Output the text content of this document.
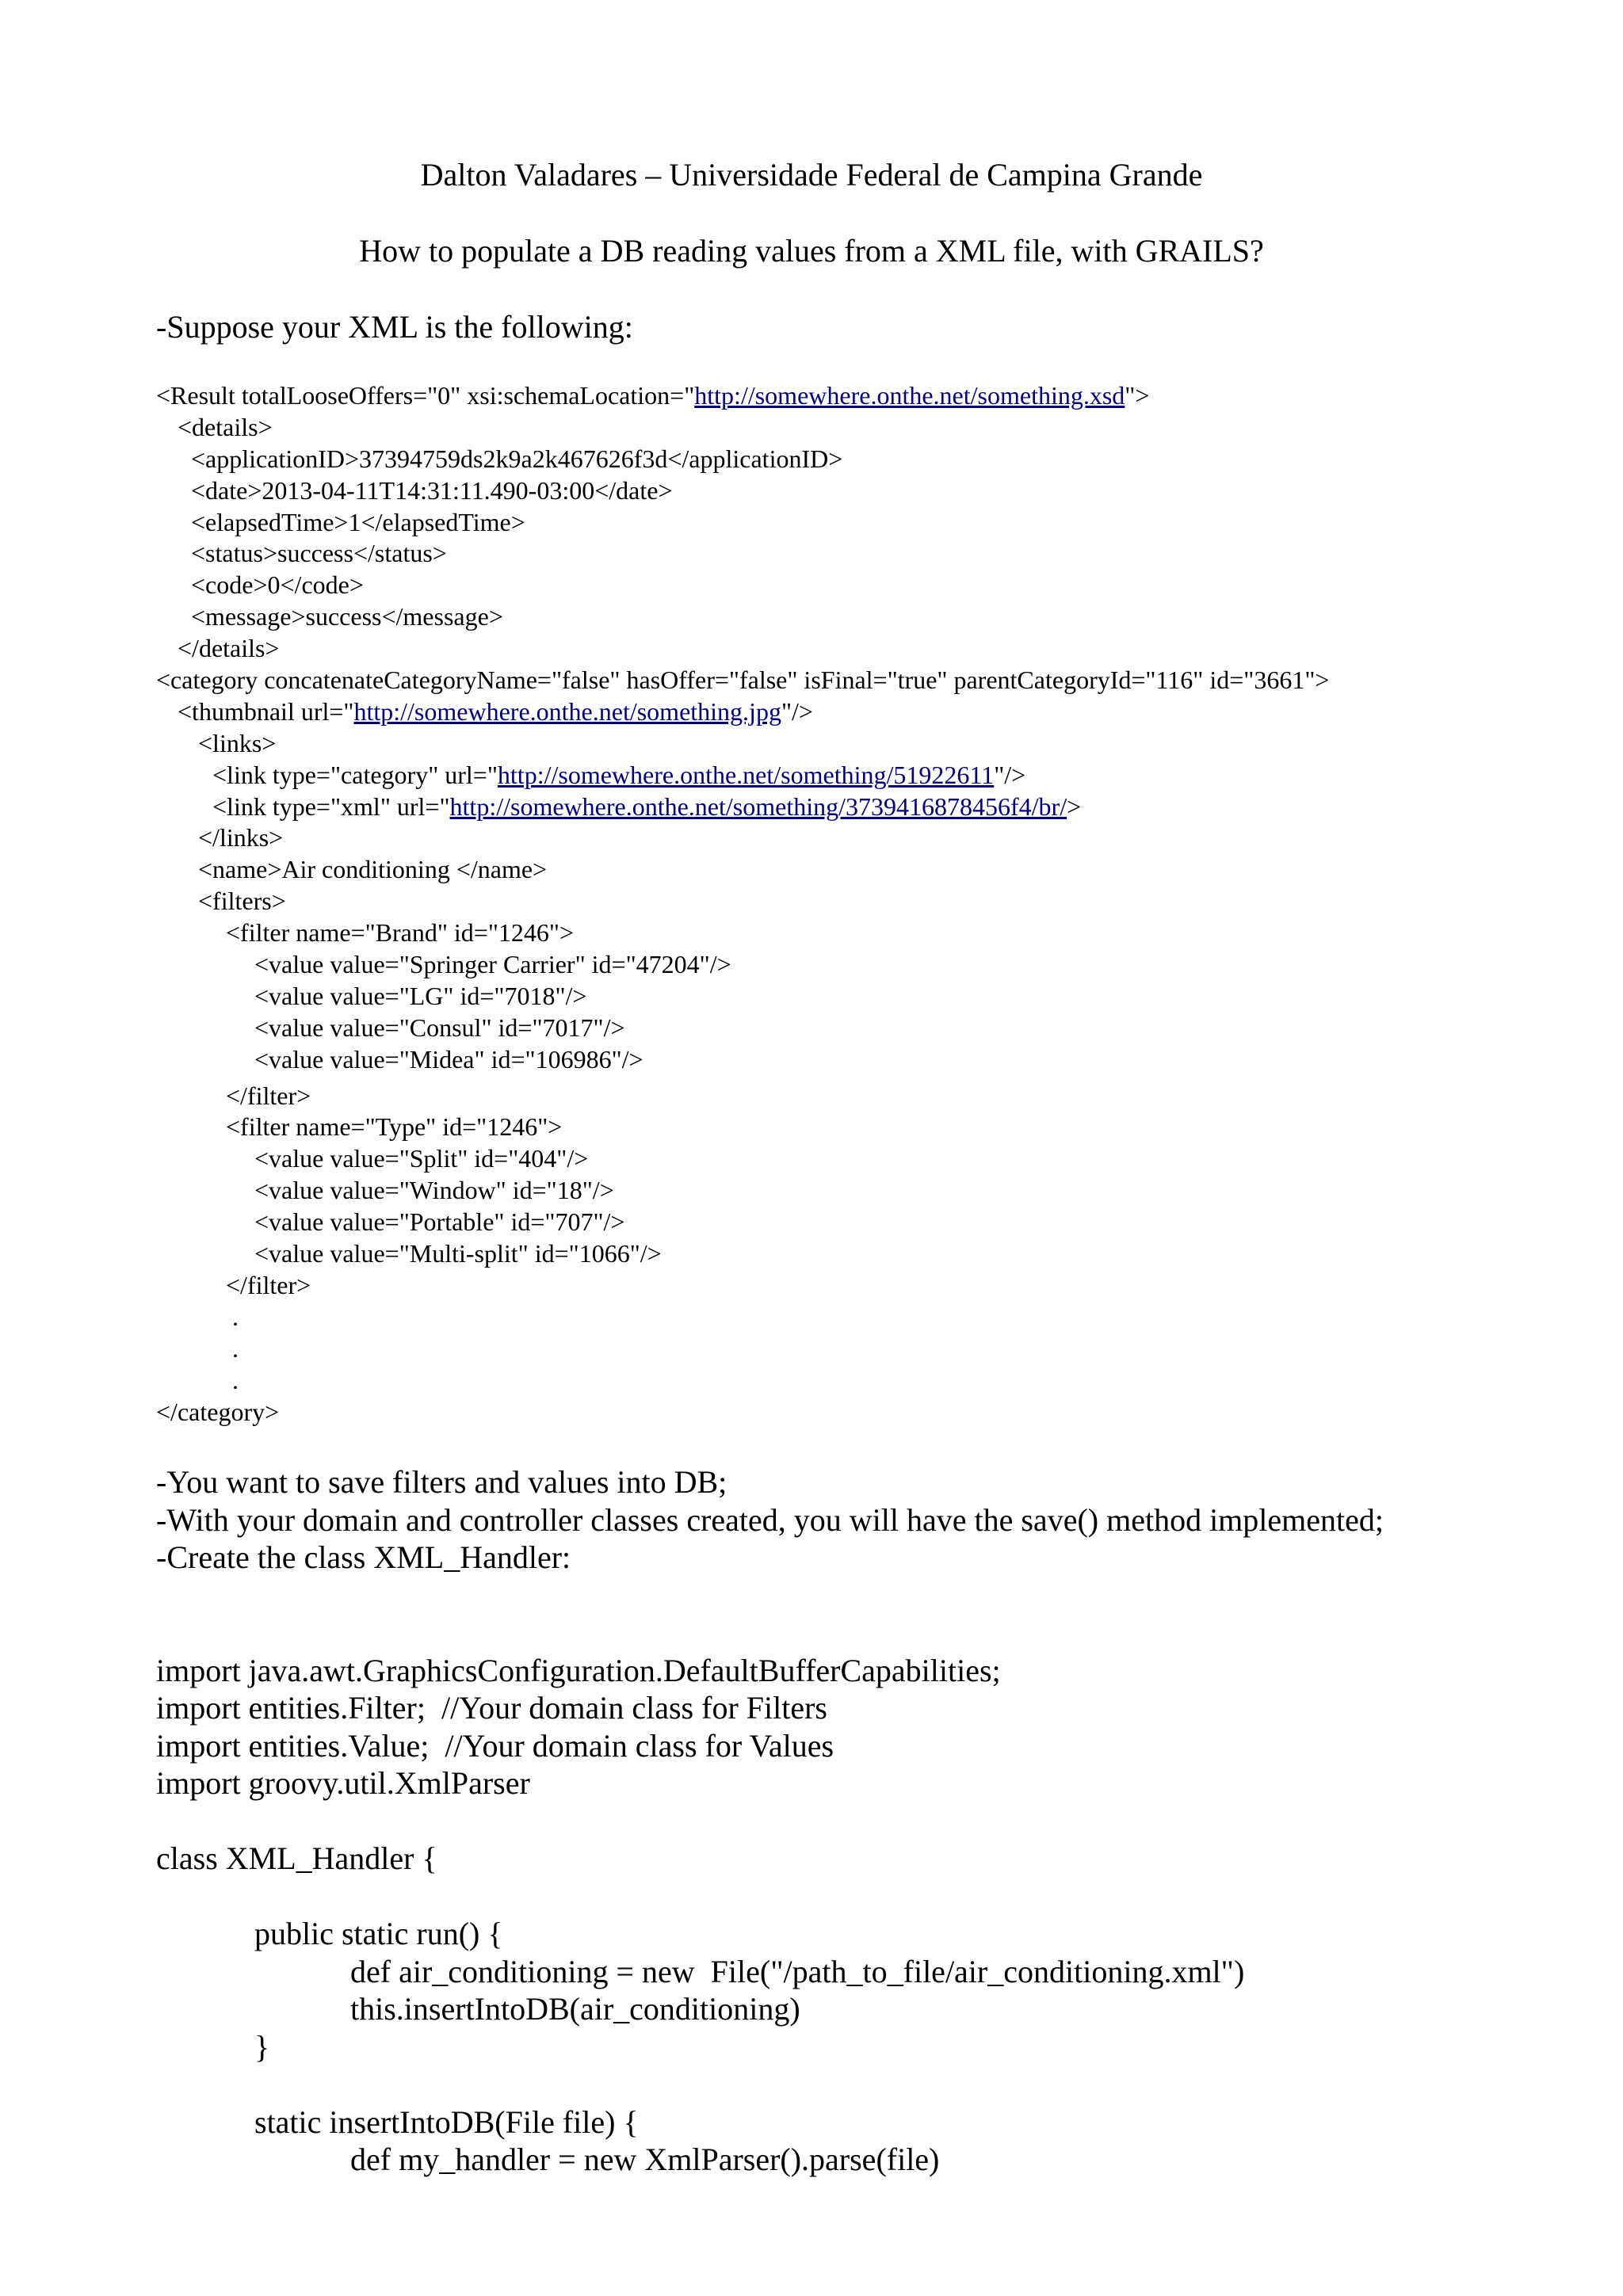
Dalton Valadares – Universidade Federal de Campina Grande
How to populate a DB reading values from a XML file, with GRAILS?
-Suppose your XML is the following:
<Result totalLooseOffers="0" xsi:schemaLocation="http://somewhere.onthe.net/something.xsd">
<details>
<applicationID>37394759ds2k9a2k467626f3d</applicationID>
<date>2013-04-11T14:31:11.490-03:00</date>
<elapsedTime>1</elapsedTime>
<status>success</status>
<code>0</code>
<message>success</message>
</details>
<category concatenateCategoryName="false" hasOffer="false" isFinal="true" parentCategoryId="116" id="3661">
<thumbnail url="http://somewhere.onthe.net/something.jpg"/>
<links>
<link type="category" url="http://somewhere.onthe.net/something/51922611"/>
<link type="xml" url="http://somewhere.onthe.net/something/3739416878456f4/br/>
</links>
<name>Air conditioning </name>
<filters>
<filter name="Brand" id="1246">
<value value="Springer Carrier" id="47204"/>
<value value="LG" id="7018"/>
<value value="Consul" id="7017"/>
<value value="Midea" id="106986"/>
</filter>
<filter name="Type" id="1246">
<value value="Split" id="404"/>
<value value="Window" id="18"/>
<value value="Portable" id="707"/>
<value value="Multi-split" id="1066"/>
</filter>
.
.
.
</category>
-You want to save filters and values into DB;
-With your domain and controller classes created, you will have the save() method implemented;
-Create the class XML_Handler:
import java.awt.GraphicsConfiguration.DefaultBufferCapabilities;
import entities.Filter;  //Your domain class for Filters
import entities.Value;  //Your domain class for Values
import groovy.util.XmlParser
class XML_Handler {
public static run() {
def air_conditioning = new  File("/path_to_file/air_conditioning.xml")
this.insertIntoDB(air_conditioning)
}
static insertIntoDB(File file) {
def my_handler = new XmlParser().parse(file)
